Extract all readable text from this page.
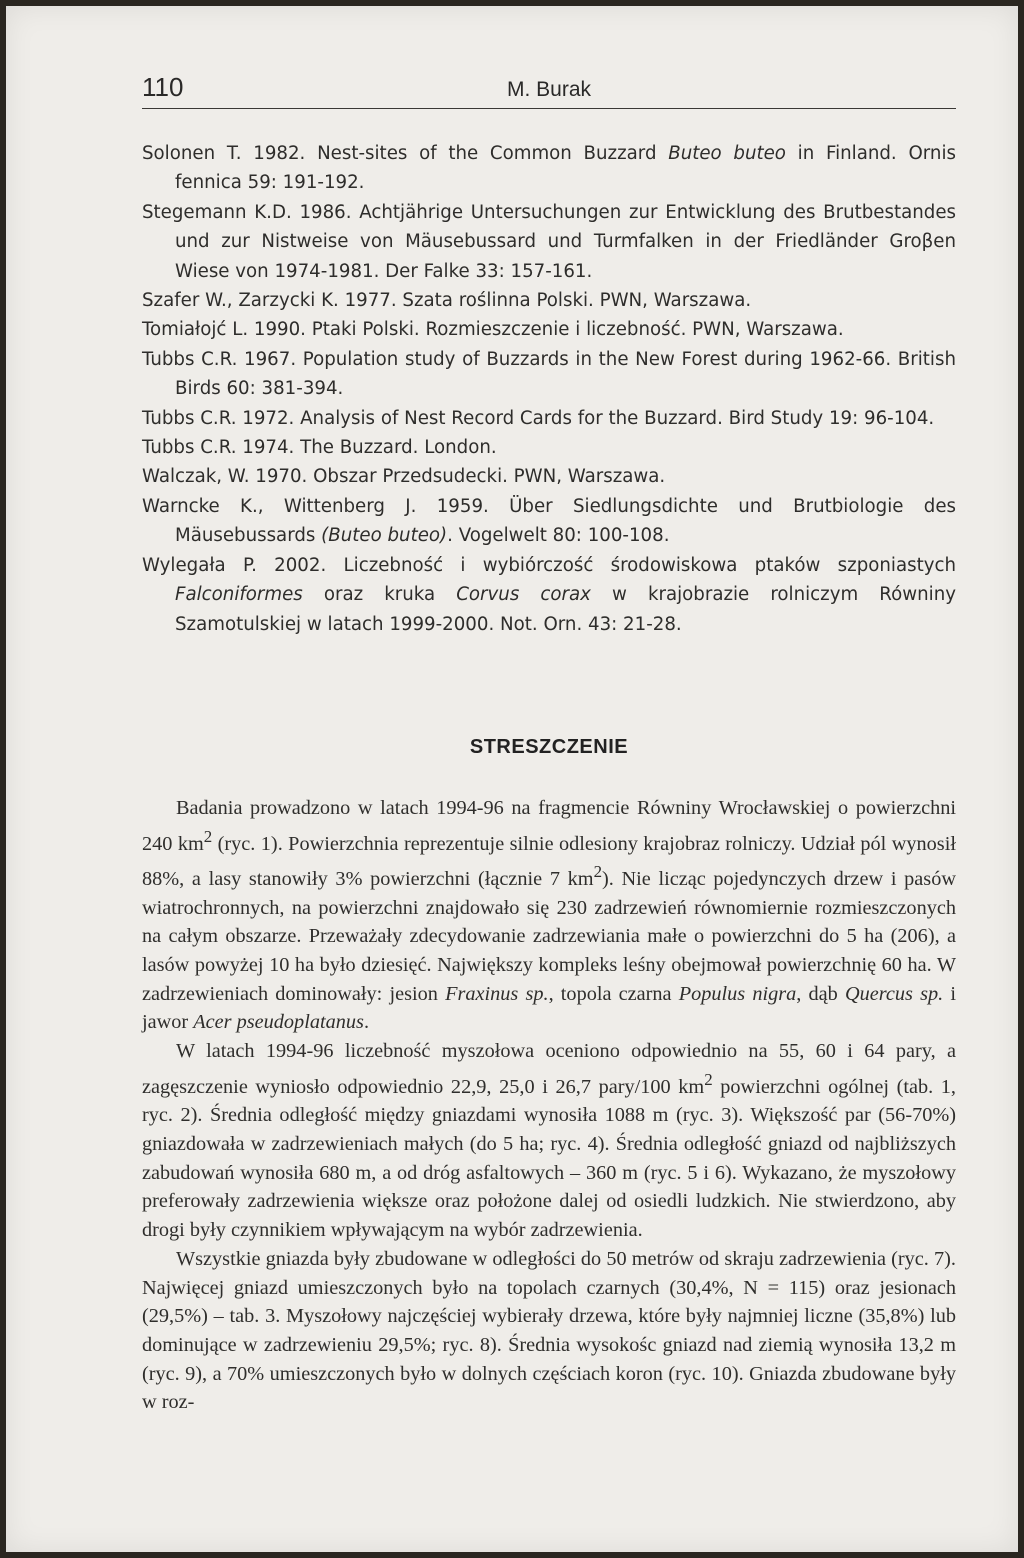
110	M. Burak

Solonen T. 1982. Nest-sites of the Common Buzzard Buteo buteo in Finland. Ornis fennica 59: 191-192.

Stegemann K.D. 1986. Achtjährige Untersuchungen zur Entwicklung des Brutbestandes und zur Nistweise von Mäusebussard und Turmfalken in der Friedländer Groβen Wiese von 1974-1981. Der Falke 33: 157-161.

Szafer W., Zarzycki K. 1977. Szata roślinna Polski. PWN, Warszawa.

Tomiałojć L. 1990. Ptaki Polski. Rozmieszczenie i liczebność. PWN, Warszawa.

Tubbs C.R. 1967. Population study of Buzzards in the New Forest during 1962-66. British Birds 60: 381-394.

Tubbs C.R. 1972. Analysis of Nest Record Cards for the Buzzard. Bird Study 19: 96-104.

Tubbs C.R. 1974. The Buzzard. London.

Walczak, W. 1970. Obszar Przedsudecki. PWN, Warszawa.

Warncke K., Wittenberg J. 1959. Über Siedlungsdichte und Brutbiologie des Mäusebussards (Buteo buteo). Vogelwelt 80: 100-108.

Wylegała P. 2002. Liczebność i wybiórczość środowiskowa ptaków szponiastych Falconiformes oraz kruka Corvus corax w krajobrazie rolniczym Równiny Szamotulskiej w latach 1999-2000. Not. Orn. 43: 21-28.

STRESZCZENIE

Badania prowadzono w latach 1994-96 na fragmencie Równiny Wrocławskiej o powierzchni 240 $km^2$ (ryc. 1). Powierzchnia reprezentuje silnie odlesiony krajobraz rolniczy. Udział pól wynosił 88%, a lasy stanowiły 3% powierzchni (łącznie 7 $km^2$). Nie licząc pojedynczych drzew i pasów wiatrochronnych, na powierzchni znajdowało się 230 zadrzewień równomiernie rozmieszczonych na całym obszarze. Przeważały zdecydowanie zadrzewiania małe o powierzchni do 5 ha (206), a lasów powyżej 10 ha było dziesięć. Największy kompleks leśny obejmował powierzchnię 60 ha. W zadrzewieniach dominowały: jesion Fraxinus sp., topola czarna Populus nigra, dąb Quercus sp. i jawor Acer pseudoplatanus.

W latach 1994-96 liczebność myszołowa oceniono odpowiednio na 55, 60 i 64 pary, a zagęszczenie wyniosło odpowiednio 22,9, 25,0 i 26,7 pary/100 $km^2$ powierzchni ogólnej (tab. 1, ryc. 2). Średnia odległość między gniazdami wynosiła 1088 m (ryc. 3). Większość par (56-70%) gniazdowała w zadrzewieniach małych (do 5 ha; ryc. 4). Średnia odległość gniazd od najbliższych zabudowań wynosiła 680 m, a od dróg asfaltowych – 360 m (ryc. 5 i 6). Wykazano, że myszołowy preferowały zadrzewienia większe oraz położone dalej od osiedli ludzkich. Nie stwierdzono, aby drogi były czynnikiem wpływającym na wybór zadrzewienia.

Wszystkie gniazda były zbudowane w odległości do 50 metrów od skraju zadrzewienia (ryc. 7). Najwięcej gniazd umieszczonych było na topolach czarnych (30,4%, N = 115) oraz jesionach (29,5%) – tab. 3. Myszołowy najczęściej wybierały drzewa, które były najmniej liczne (35,8%) lub dominujące w zadrzewieniu 29,5%; ryc. 8). Średnia wysokośc gniazd nad ziemią wynosiła 13,2 m (ryc. 9), a 70% umieszczonych było w dolnych częściach koron (ryc. 10). Gniazda zbudowane były w roz-
